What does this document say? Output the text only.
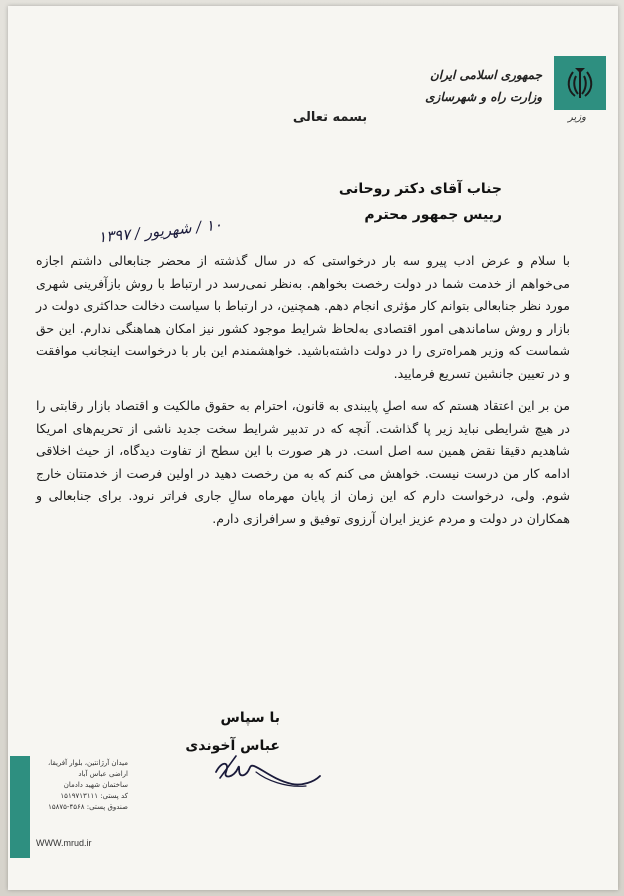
وزیر
جمهوری اسلامی ایران
وزارت راه و شهرسازی
بسمه تعالی
جناب آقای دکتر روحانی
رییس جمهور محترم
۱۰ / شهریور / ۱۳۹۷

با سلام و عرض ادب پیرو سه بار درخواستی که در سال گذشته از محضر جنابعالی داشتم اجازه می‌خواهم از خدمت شما در دولت رخصت بخواهم. به‌نظر نمی‌رسد در ارتباط با روش بازآفرینی شهری مورد نظر جنابعالی بتوانم کار مؤثری انجام دهم. همچنین، در ارتباط با سیاست دخالت حداکثری دولت در بازار و روش ساماندهی امور اقتصادی به‌لحاظ شرایط موجود کشور نیز امکان هماهنگی ندارم. این حق شماست که وزیر همراه‌تری را در دولت داشته‌باشید. خواهشمندم این بار با درخواست اینجانب موافقت و در تعیین جانشین تسریع فرمایید.

من بر این اعتقاد هستم که سه اصلِ پایبندی به قانون، احترام به حقوق مالکیت و اقتصاد بازار رقابتی را در هیچ شرایطی نباید زیر پا گذاشت. آنچه که در تدبیر شرایط سخت جدید ناشی از تحریم‌های امریکا شاهدیم دقیقا نقض همین سه اصل است. در هر صورت با این سطح از تفاوت دیدگاه، از حیث اخلاقی ادامه کار من درست نیست. خواهش می کنم که به من رخصت دهید در اولین فرصت از خدمتتان خارج شوم. ولی، درخواست دارم که این زمان از پایان مهرماه سالِ جاری فراتر نرود. برای جنابعالی و همکاران در دولت و مردم عزیز ایران آرزوی توفیق و سرافرازی دارم.

با سپاس
عباس آخوندی
میدان آرژانتین، بلوار آفریقا،
اراضی عباس آباد
ساختمان شهید دادمان
کد پستی: ۱۵۱۹۷۱۳۱۱۱
صندوق پستی: ۴۵۶۸-۱۵۸۷۵
WWW.mrud.ir
